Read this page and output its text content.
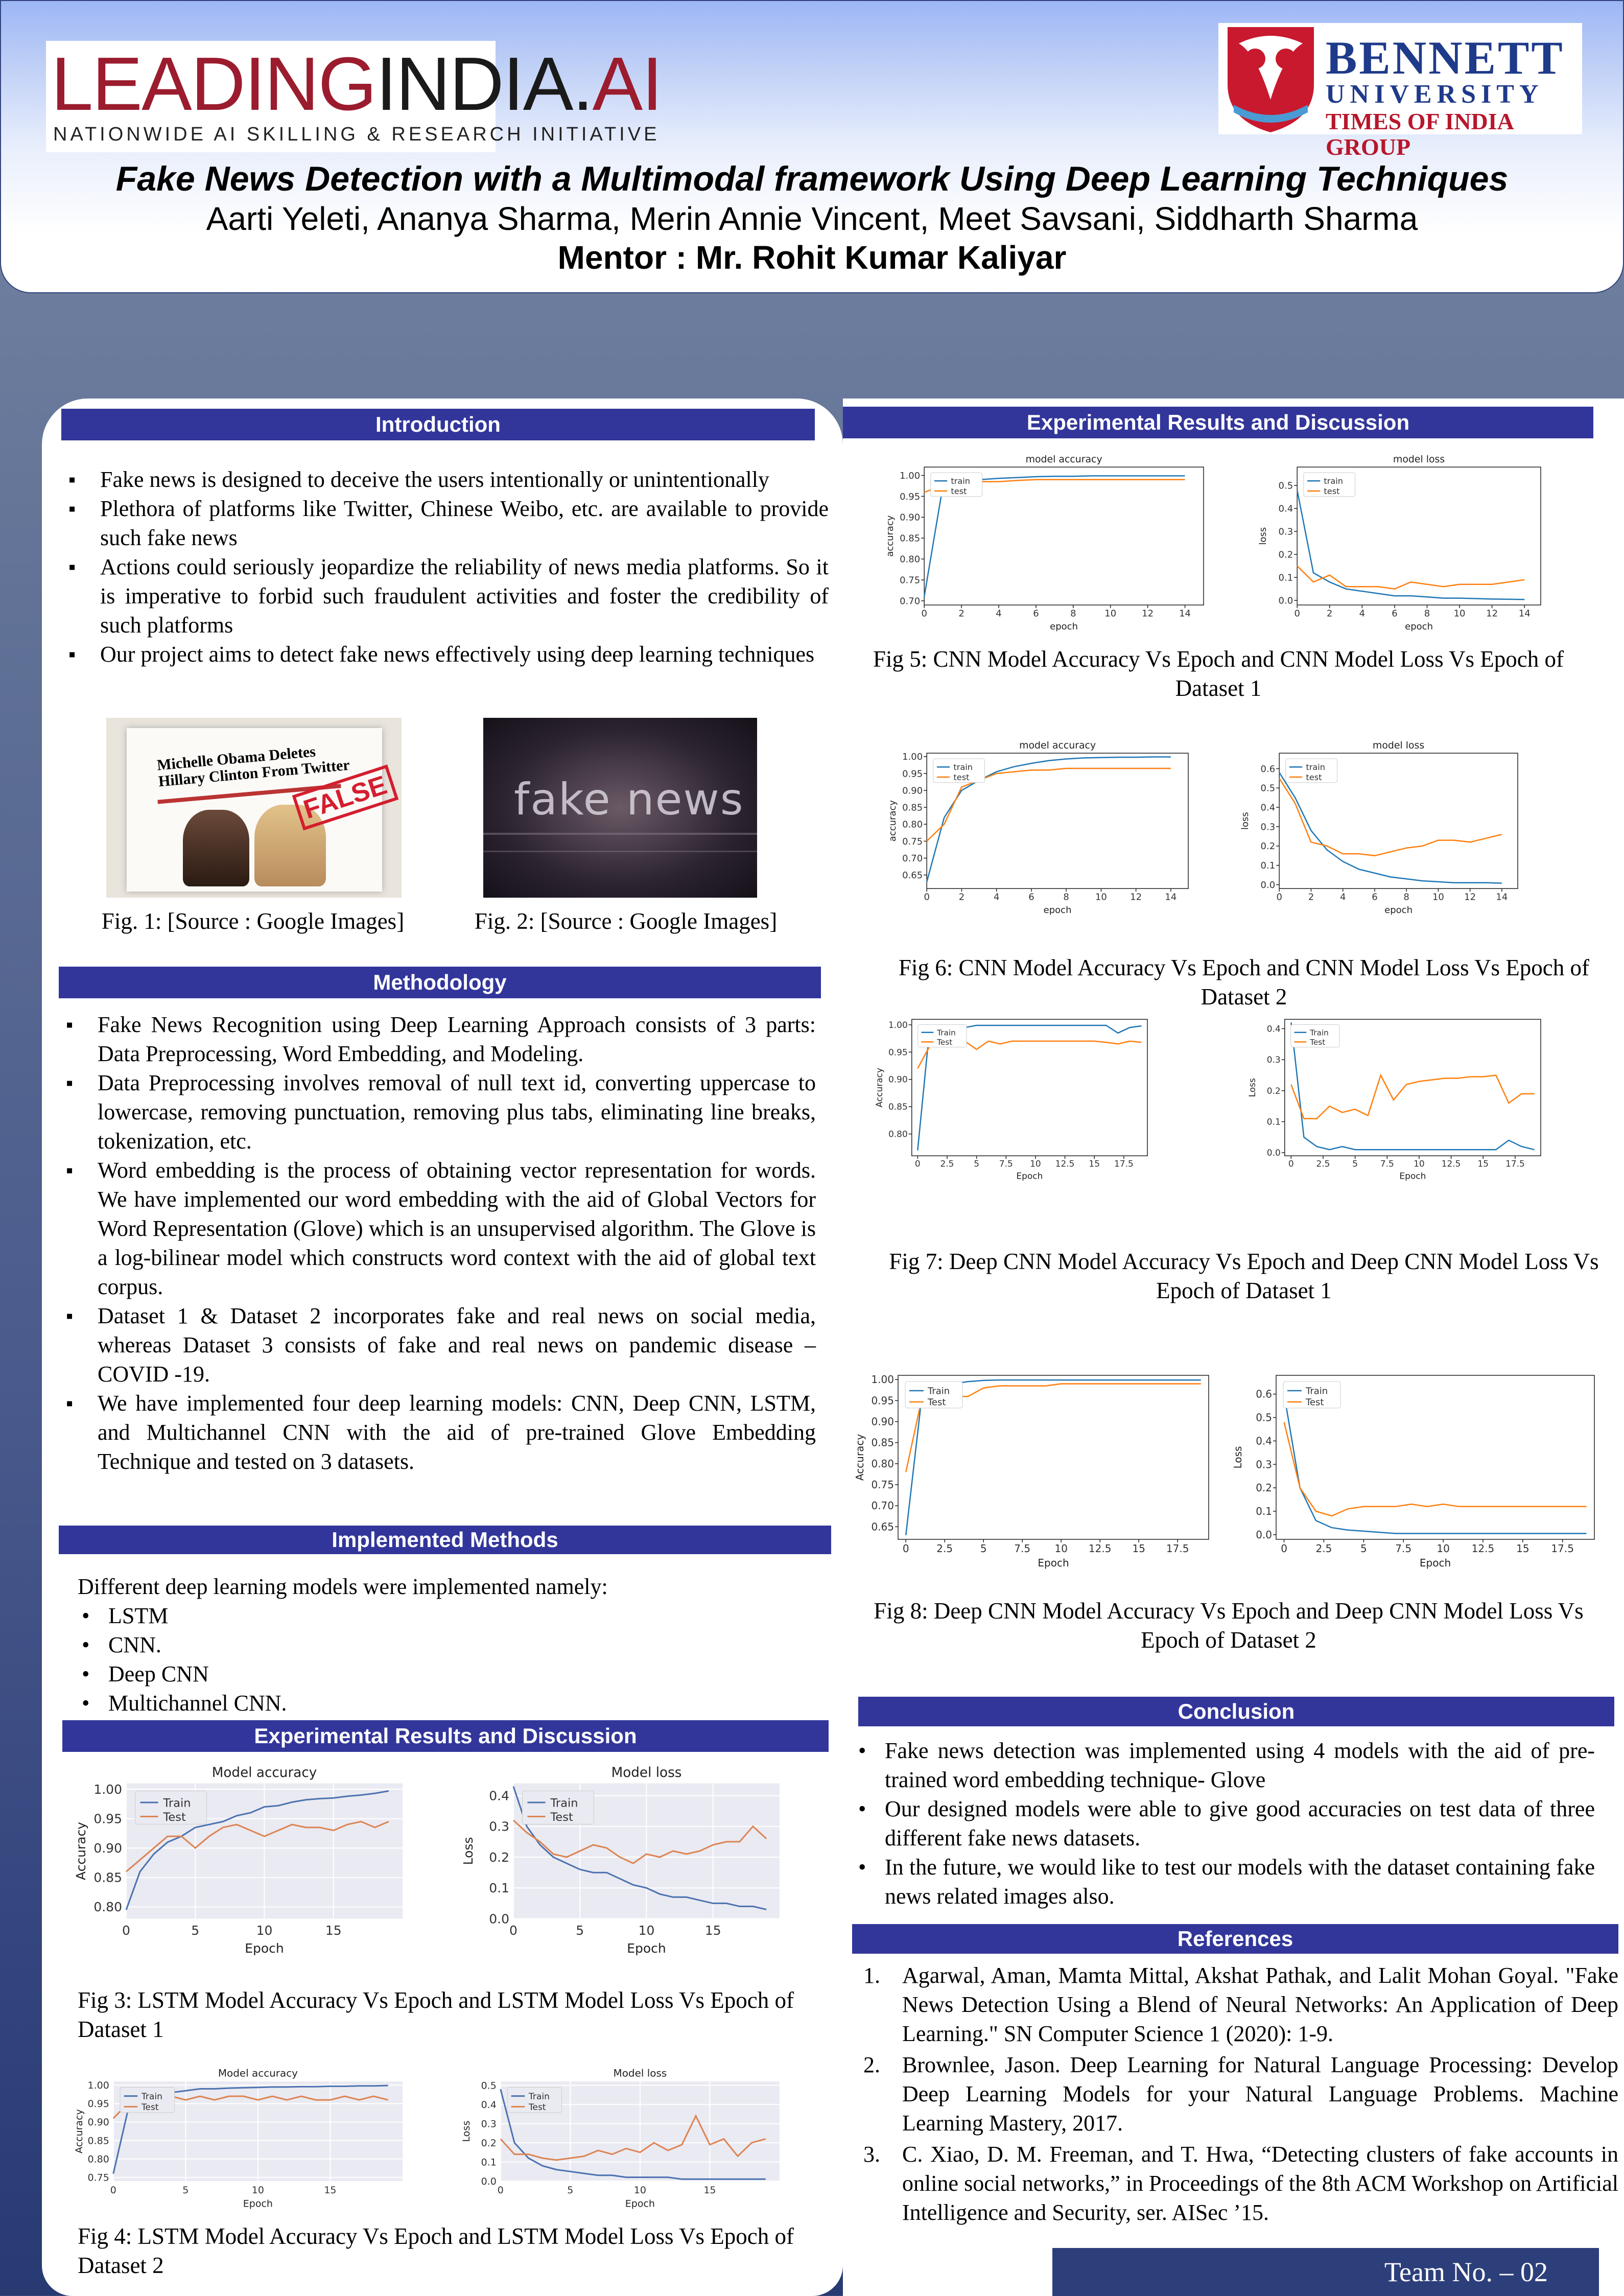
LEADINGINDIA.AI
NATIONWIDE AI SKILLING & RESEARCH INITIATIVE
BENNETT
UNIVERSITY
TIMES OF INDIA GROUP
Fake News Detection with a Multimodal framework Using Deep Learning Techniques
Aarti Yeleti, Ananya Sharma, Merin Annie Vincent, Meet Savsani, Siddharth Sharma
Mentor : Mr. Rohit Kumar Kaliyar
Introduction
▪ Fake news is designed to deceive the users intentionally or unintentionally
▪ Plethora of platforms like Twitter, Chinese Weibo, etc. are available to provide such fake news
▪ Actions could seriously jeopardize the reliability of news media platforms. So it is imperative to forbid such fraudulent activities and foster the credibility of such platforms
▪ Our project aims to detect fake news effectively using deep learning techniques
Michelle Obama Deletes Hillary Clinton From Twitter
FALSE	fake news
Fig. 1: [Source : Google Images]	Fig. 2: [Source : Google Images]
Methodology
▪ Fake News Recognition using Deep Learning Approach consists of 3 parts: Data Preprocessing, Word Embedding, and Modeling.
▪ Data Preprocessing involves removal of null text id, converting uppercase to lowercase, removing punctuation, removing plus tabs, eliminating line breaks, tokenization, etc.
▪ Word embedding is the process of obtaining vector representation for words. We have implemented our word embedding with the aid of Global Vectors for Word Representation (Glove) which is an unsupervised algorithm. The Glove is a log-bilinear model which constructs word context with the aid of global text corpus.
▪ Dataset 1 & Dataset 2 incorporates fake and real news on social media, whereas Dataset 3 consists of fake and real news on pandemic disease – COVID -19.
▪ We have implemented four deep learning models: CNN, Deep CNN, LSTM, and Multichannel CNN with the aid of pre-trained Glove Embedding Technique and tested on 3 datasets.
Implemented Methods
Different deep learning models were implemented namely:
• LSTM
• CNN.
• Deep CNN
• Multichannel CNN.
Experimental Results and Discussion
0.80
0.85
0.90
0.95
1.00
0	5	10	15
Model accuracy
Epoch
Accuracy
Train
Test
0.0
0.1
0.2
0.3
0.4
0	5	10	15
Model loss
Epoch
Loss
Train
Test
Fig 3: LSTM Model Accuracy Vs Epoch and LSTM Model Loss Vs Epoch of Dataset 1
0.75
0.80
0.85
0.90
0.95
1.00
0	5	10	15
Model accuracy
Epoch
Accuracy
Train
Test
0.0
0.1
0.2
0.3
0.4
0.5
0	5	10	15
Model loss
Epoch
Loss
Train
Test
Fig 4: LSTM Model Accuracy Vs Epoch and LSTM Model Loss Vs Epoch of Dataset 2
Experimental Results and Discussion
0.70
0.75
0.80
0.85
0.90
0.95
1.00
0	2	4	6	8	10	12	14
model accuracy
epoch
accuracy
train
test
0.0
0.1
0.2
0.3
0.4
0.5
0	2	4	6	8	10 12 14
model loss
epoch
loss
train
test
Fig 5: CNN Model Accuracy Vs Epoch and CNN Model Loss Vs Epoch of Dataset 1
0.65
0.70
0.75
0.80
0.85
0.90
0.95
1.00
0	2	4	6	8	10	12	14
model accuracy
epoch
accuracy
train
test
0.0
0.1
0.2
0.3
0.4
0.5
0.6
0	2	4	6	8	10 12 14
model loss
epoch
loss
train
test
Fig 6: CNN Model Accuracy Vs Epoch and CNN Model Loss Vs Epoch of Dataset 2
0.80
0.85
0.90
0.95
1.00
0 2.5 5 7.5 10 12.5 15 17.5
Epoch
Accuracy
Train
Test
0.0
0.1
0.2
0.3
0.4
0	2.5	5	7.5 10 12.5 15 17.5
Epoch
Loss
Train
Test
Fig 7: Deep CNN Model Accuracy Vs Epoch and Deep CNN Model Loss Vs Epoch of Dataset 1
0.65
0.70
0.75
0.80
0.85
0.90
0.95
1.00
0	2.5	5	7.5 10 12.5 15 17.5
Epoch
Accuracy
Train
Test
0.0
0.1
0.2
0.3
0.4
0.5
0.6
0	2.5	5	7.5 10 12.5 15 17.5
Epoch
Loss
Train
Test
Fig 8: Deep CNN Model Accuracy Vs Epoch and Deep CNN Model Loss Vs Epoch of Dataset 2
Conclusion
• Fake news detection was implemented using 4 models with the aid of pre-trained word embedding technique- Glove
• Our designed models were able to give good accuracies on test data of three different fake news datasets.
• In the future, we would like to test our models with the dataset containing fake news related images also.
References
1. Agarwal, Aman, Mamta Mittal, Akshat Pathak, and Lalit Mohan Goyal. "Fake News Detection Using a Blend of Neural Networks: An Application of Deep Learning." SN Computer Science 1 (2020): 1-9.
2. Brownlee, Jason. Deep Learning for Natural Language Processing: Develop Deep Learning Models for your Natural Language Problems. Machine Learning Mastery, 2017.
3. C. Xiao, D. M. Freeman, and T. Hwa, “Detecting clusters of fake accounts in online social networks,” in Proceedings of the 8th ACM Workshop on Artificial Intelligence and Security, ser. AISec ’15.
Team No. – 02
